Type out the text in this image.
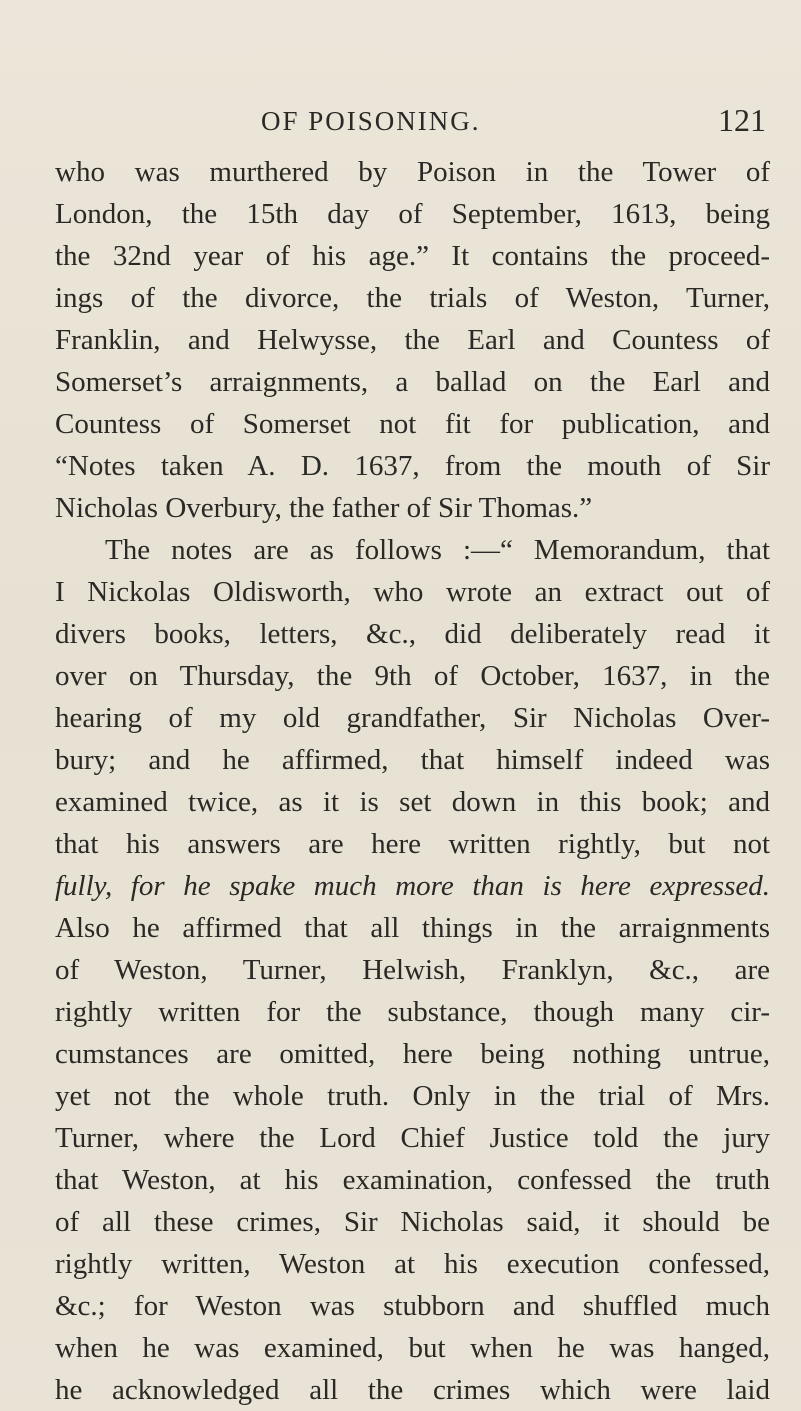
OF POISONING.	121
who was murthered by Poison in the Tower of
London, the 15th day of September, 1613, being
the 32nd year of his age.” It contains the proceed-
ings of the divorce, the trials of Weston, Turner,
Franklin, and Helwysse, the Earl and Countess of
Somerset’s arraignments, a ballad on the Earl and
Countess of Somerset not fit for publication, and
“Notes taken A. D. 1637, from the mouth of Sir
Nicholas Overbury, the father of Sir Thomas.”
The notes are as follows :—“ Memorandum, that
I Nickolas Oldisworth, who wrote an extract out of
divers books, letters, &c., did deliberately read it
over on Thursday, the 9th of October, 1637, in the
hearing of my old grandfather, Sir Nicholas Over-
bury; and he affirmed, that himself indeed was
examined twice, as it is set down in this book; and
that his answers are here written rightly, but not
fully, for he spake much more than is here expressed.
Also he affirmed that all things in the arraignments
of Weston, Turner, Helwish, Franklyn, &c., are
rightly written for the substance, though many cir-
cumstances are omitted, here being nothing untrue,
yet not the whole truth. Only in the trial of Mrs.
Turner, where the Lord Chief Justice told the jury
that Weston, at his examination, confessed the truth
of all these crimes, Sir Nicholas said, it should be
rightly written, Weston at his execution confessed,
&c.; for Weston was stubborn and shuffled much
when he was examined, but when he was hanged,
he acknowledged all the crimes which were laid
